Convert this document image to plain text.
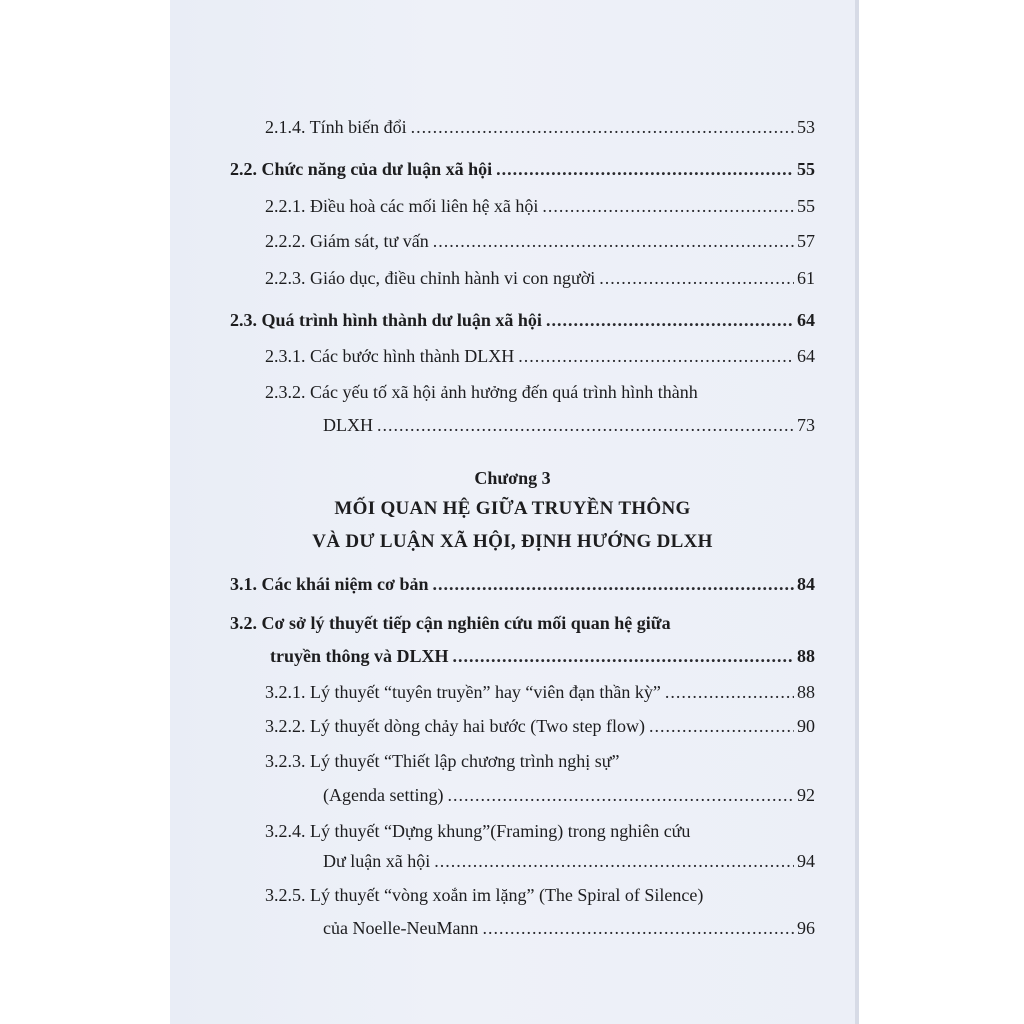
2.1.4. Tính biến đổi .....	53
2.2. Chức năng của dư luận xã hội .....	55
2.2.1. Điều hoà các mối liên hệ xã hội .....	55
2.2.2. Giám sát, tư vấn .....	57
2.2.3. Giáo dục, điều chỉnh hành vi con người .....	61
2.3. Quá trình hình thành dư luận xã hội .....	64
2.3.1. Các bước hình thành DLXH .....	64
2.3.2. Các yếu tố xã hội ảnh hưởng đến quá trình hình thành
DLXH .....	73
Chương 3
MỐI QUAN HỆ GIỮA TRUYỀN THÔNG
VÀ DƯ LUẬN XÃ HỘI, ĐỊNH HƯỚNG DLXH
3.1. Các khái niệm cơ bản .....	84
3.2. Cơ sở lý thuyết tiếp cận nghiên cứu mối quan hệ giữa
truyền thông và DLXH .....	88
3.2.1. Lý thuyết “tuyên truyền” hay “viên đạn thần kỳ” .....	88
3.2.2. Lý thuyết dòng chảy hai bước (Two step flow) .....	90
3.2.3. Lý thuyết “Thiết lập chương trình nghị sự”
(Agenda setting) .....	92
3.2.4. Lý thuyết “Dựng khung”(Framing) trong nghiên cứu
Dư luận xã hội .....	94
3.2.5. Lý thuyết “vòng xoắn im lặng” (The Spiral of Silence)
của Noelle-NeuMann .....	96
